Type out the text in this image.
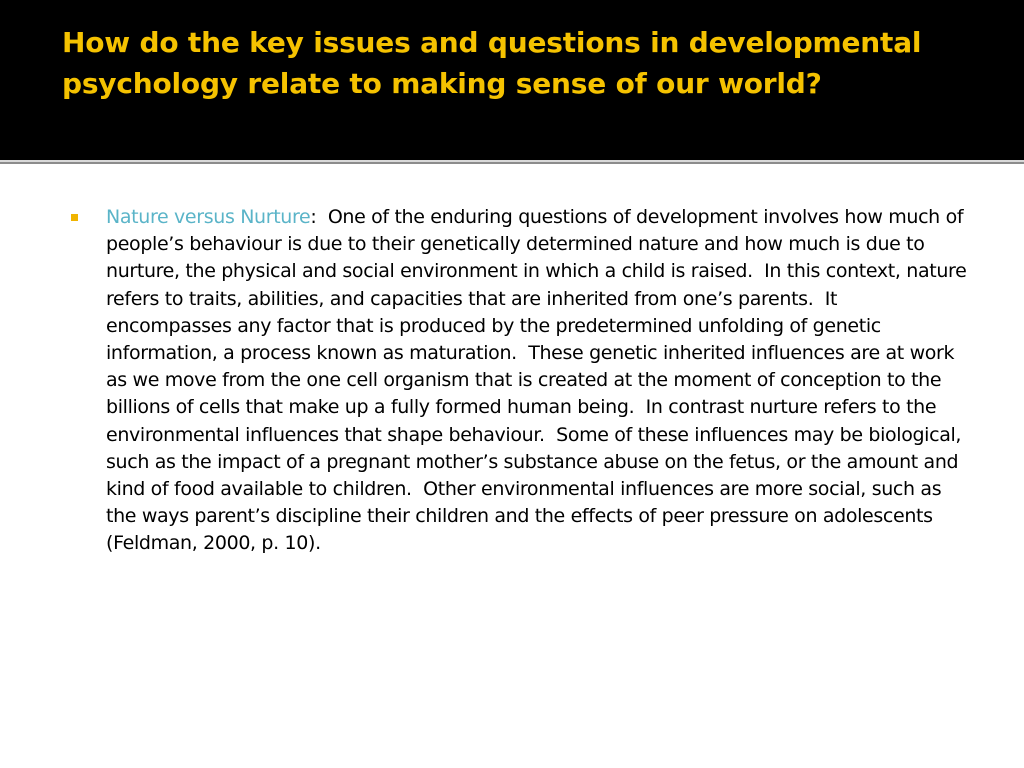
How do the key issues and questions in developmental psychology relate to making sense of our world?
Nature versus Nurture:  One of the enduring questions of development involves how much of people’s behaviour is due to their genetically determined nature and how much is due to nurture, the physical and social environment in which a child is raised.  In this context, nature refers to traits, abilities, and capacities that are inherited from one’s parents.  It encompasses any factor that is produced by the predetermined unfolding of genetic information, a process known as maturation.  These genetic inherited influences are at work as we move from the one cell organism that is created at the moment of conception to the billions of cells that make up a fully formed human being.  In contrast nurture refers to the environmental influences that shape behaviour.  Some of these influences may be biological, such as the impact of a pregnant mother’s substance abuse on the fetus, or the amount and kind of food available to children.  Other environmental influences are more social, such as the ways parent’s discipline their children and the effects of peer pressure on adolescents (Feldman, 2000, p. 10).
